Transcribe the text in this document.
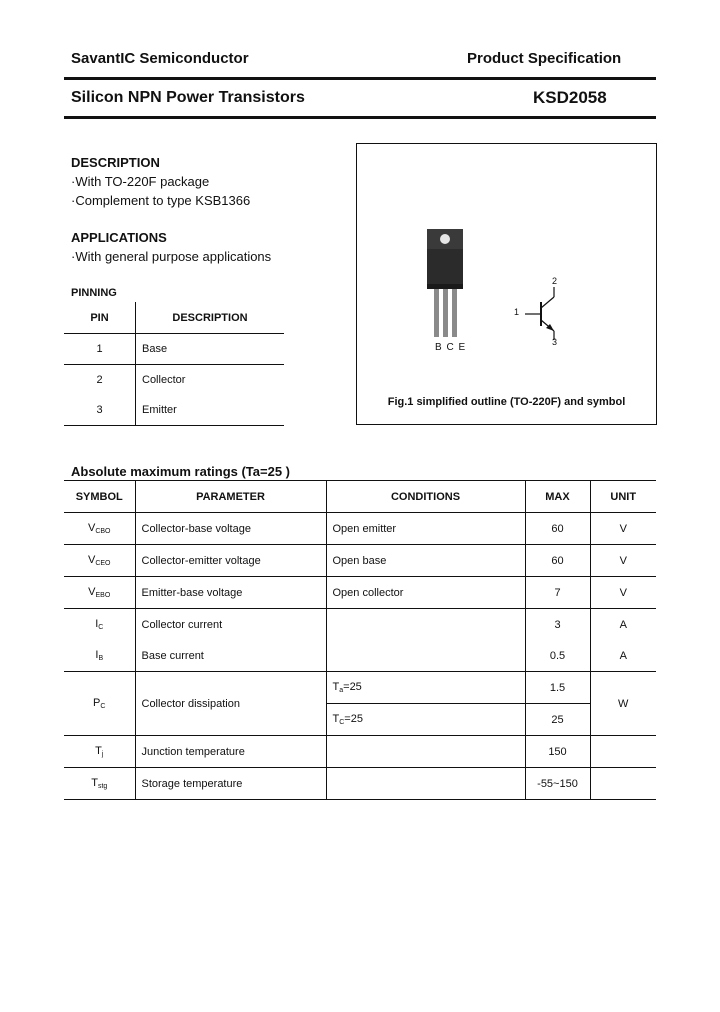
SavantIC Semiconductor	Product Specification
Silicon NPN Power Transistors	KSD2058
DESCRIPTION
·With TO-220F package
·Complement to type KSB1366
APPLICATIONS
·With general purpose applications
PINNING
PIN	DESCRIPTION
1	Base
2	Collector
3	Emitter
B C E
1
2
3
Fig.1 simplified outline (TO-220F) and symbol
Absolute maximum ratings (Ta=25 )
SYMBOL	PARAMETER	CONDITIONS	MAX	UNIT
$V_{CBO}$	Collector-base voltage	Open emitter	60	V
$V_{CEO}$	Collector-emitter voltage	Open base	60	V
$V_{EBO}$	Emitter-base voltage	Open collector	7	V
$I_C$	Collector current		3	A
$I_B$	Base current		0.5	A
$P_C$	Collector dissipation	$T_a=25$	1.5	W
		$T_C=25$	25	
$T_j$	Junction temperature		150	
$T_{stg}$	Storage temperature		-55~150	
